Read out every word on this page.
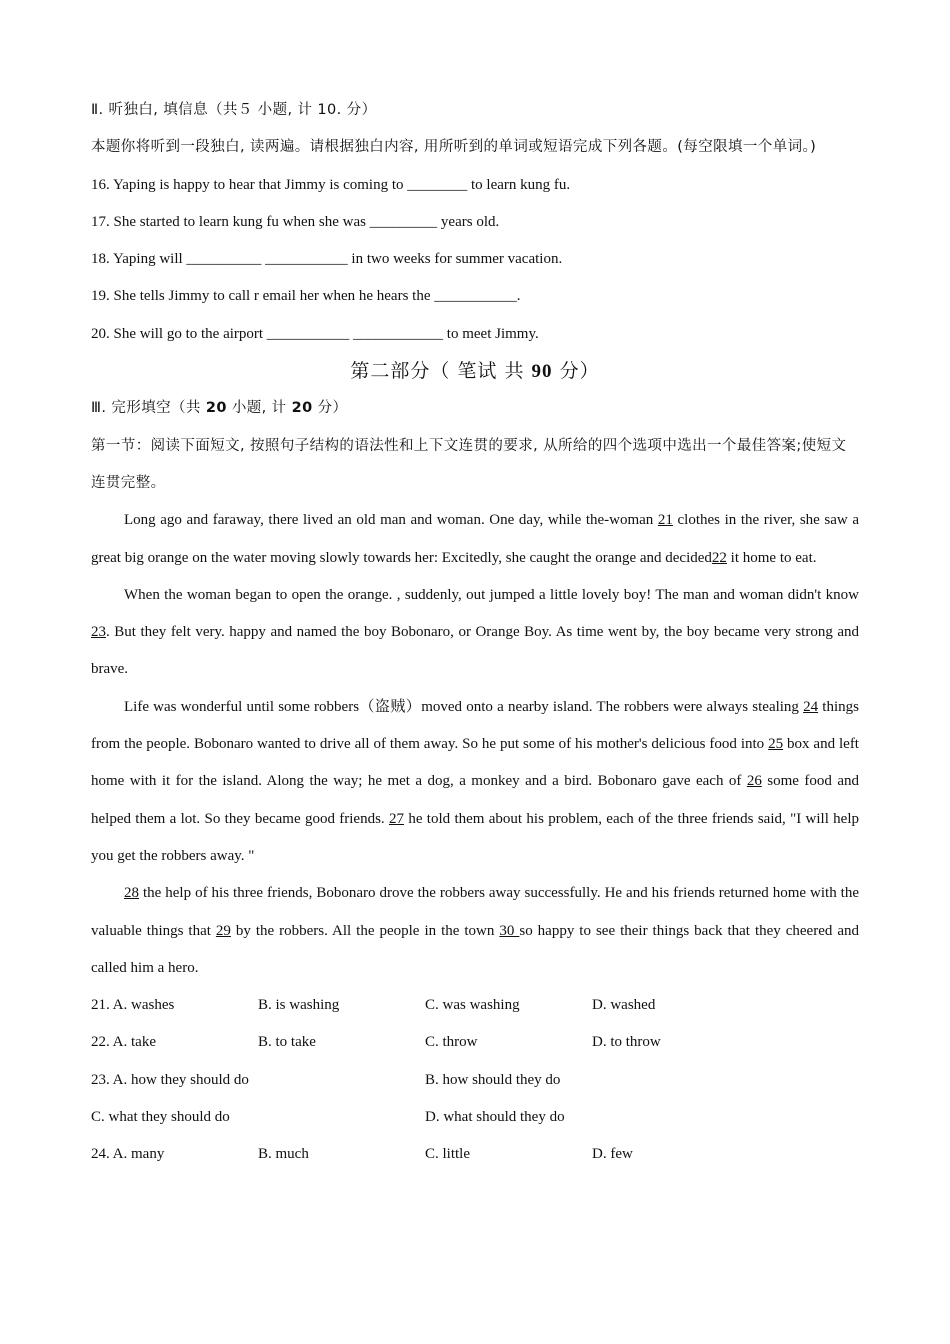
Ⅱ. 听独白, 填信息（共５ 小题, 计 10. 分）
本题你将听到一段独白, 读两遍。请根据独白内容, 用所听到的单词或短语完成下列各题。(每空限填一个单词。)
16. Yaping is happy to hear that Jimmy is coming to ________ to learn kung fu.
17. She started to learn kung fu when she was _________ years old.
18. Yaping will __________ ___________ in two weeks for summer vacation.
19. She tells Jimmy to call r email her when he hears the ___________.
20. She will go to the airport ___________ ____________ to meet Jimmy.
第二部分（ 笔试 共 90 分）
Ⅲ. 完形填空（共 20 小题, 计 20 分）
第一节：阅读下面短文, 按照句子结构的语法性和上下文连贯的要求, 从所给的四个选项中选出一个最佳答案;使短文连贯完整。

Long ago and faraway, there lived an old man and woman. One day, while the-woman 21 clothes in the river, she saw a great big orange on the water moving slowly towards her: Excitedly, she caught the orange and decided22 it home to eat.

When the woman began to open the orange. , suddenly, out jumped a little lovely boy! The man and woman didn't know 23. But they felt very. happy and named the boy Bobonaro, or Orange Boy. As time went by, the boy became very strong and brave.

Life was wonderful until some robbers（盗贼）moved onto a nearby island. The robbers were always stealing 24 things from the people. Bobonaro wanted to drive all of them away. So he put some of his mother's delicious food into 25 box and left home with it for the island. Along the way; he met a dog, a monkey and a bird. Bobonaro gave each of 26 some food and helped them a lot. So they became good friends. 27 he told them about his problem, each of the three friends said, "I will help you get the robbers away. "

28 the help of his three friends, Bobonaro drove the robbers away successfully. He and his friends returned home with the valuable things that 29 by the robbers. All the people in the town 30 so happy to see their things back that they cheered and called him a hero.

21. A. washes	B. is washing	C. was washing	D. washed
22. A. take	B. to take	C. throw	D. to throw
23. A. how they should do	B. how should they do
C. what they should do	D. what should they do
24. A. many	B. much	C. little	D. few
